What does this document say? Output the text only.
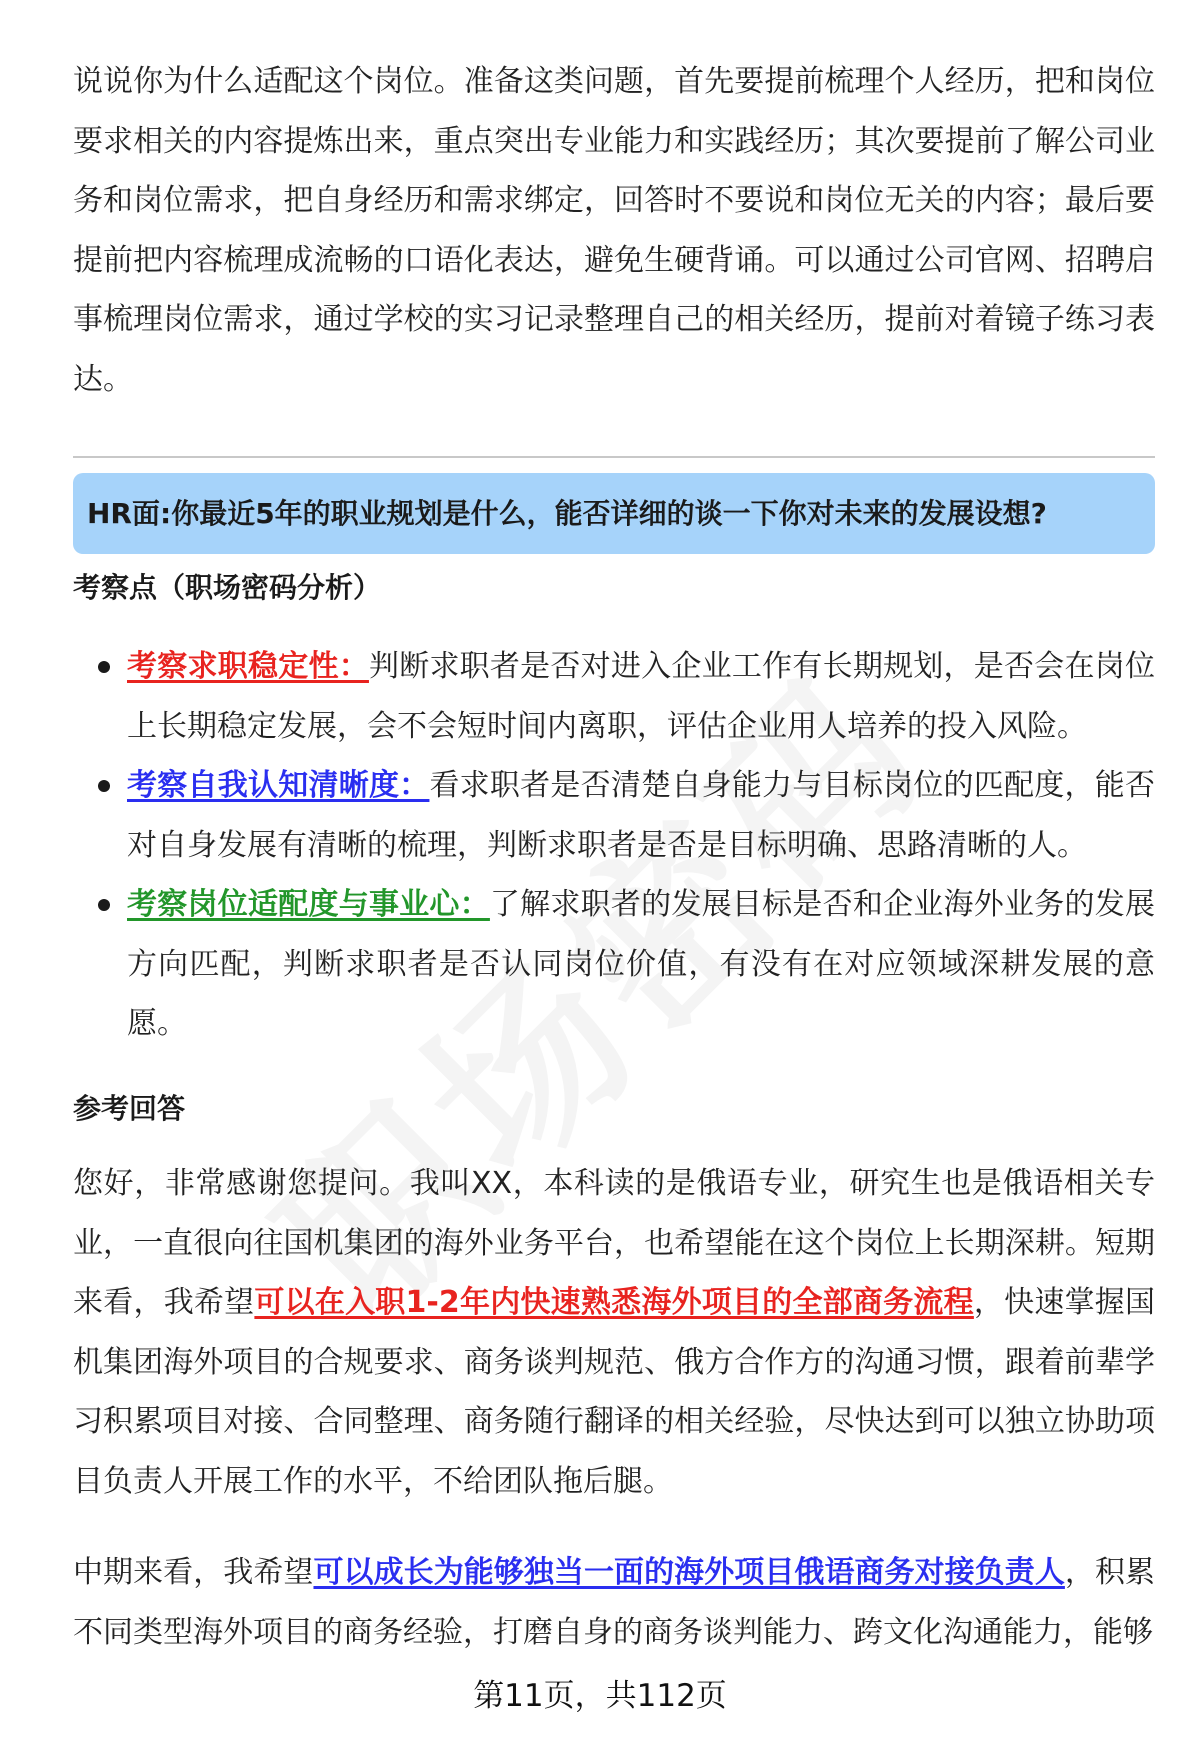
说说你为什么适配这个岗位。准备这类问题，首先要提前梳理个人经历，把和岗位要求相关的内容提炼出来，重点突出专业能力和实践经历；其次要提前了解公司业务和岗位需求，把自身经历和需求绑定，回答时不要说和岗位无关的内容；最后要提前把内容梳理成流畅的口语化表达，避免生硬背诵。可以通过公司官网、招聘启事梳理岗位需求，通过学校的实习记录整理自己的相关经历，提前对着镜子练习表达。

HR面:你最近5年的职业规划是什么，能否详细的谈一下你对未来的发展设想?
考察点（职场密码分析）
考察求职稳定性：判断求职者是否对进入企业工作有长期规划，是否会在岗位上长期稳定发展，会不会短时间内离职，评估企业用人培养的投入风险。
考察自我认知清晰度：看求职者是否清楚自身能力与目标岗位的匹配度，能否对自身发展有清晰的梳理，判断求职者是否是目标明确、思路清晰的人。
考察岗位适配度与事业心：了解求职者的发展目标是否和企业海外业务的发展方向匹配，判断求职者是否认同岗位价值，有没有在对应领域深耕发展的意愿。
参考回答

您好，非常感谢您提问。我叫XX，本科读的是俄语专业，研究生也是俄语相关专业，一直很向往国机集团的海外业务平台，也希望能在这个岗位上长期深耕。短期来看，我希望可以在入职1-2年内快速熟悉海外项目的全部商务流程，快速掌握国机集团海外项目的合规要求、商务谈判规范、俄方合作方的沟通习惯，跟着前辈学习积累项目对接、合同整理、商务随行翻译的相关经验，尽快达到可以独立协助项目负责人开展工作的水平，不给团队拖后腿。

中期来看，我希望可以成长为能够独当一面的海外项目俄语商务对接负责人，积累不同类型海外项目的商务经验，打磨自身的商务谈判能力、跨文化沟通能力，能够

第11页，共112页
